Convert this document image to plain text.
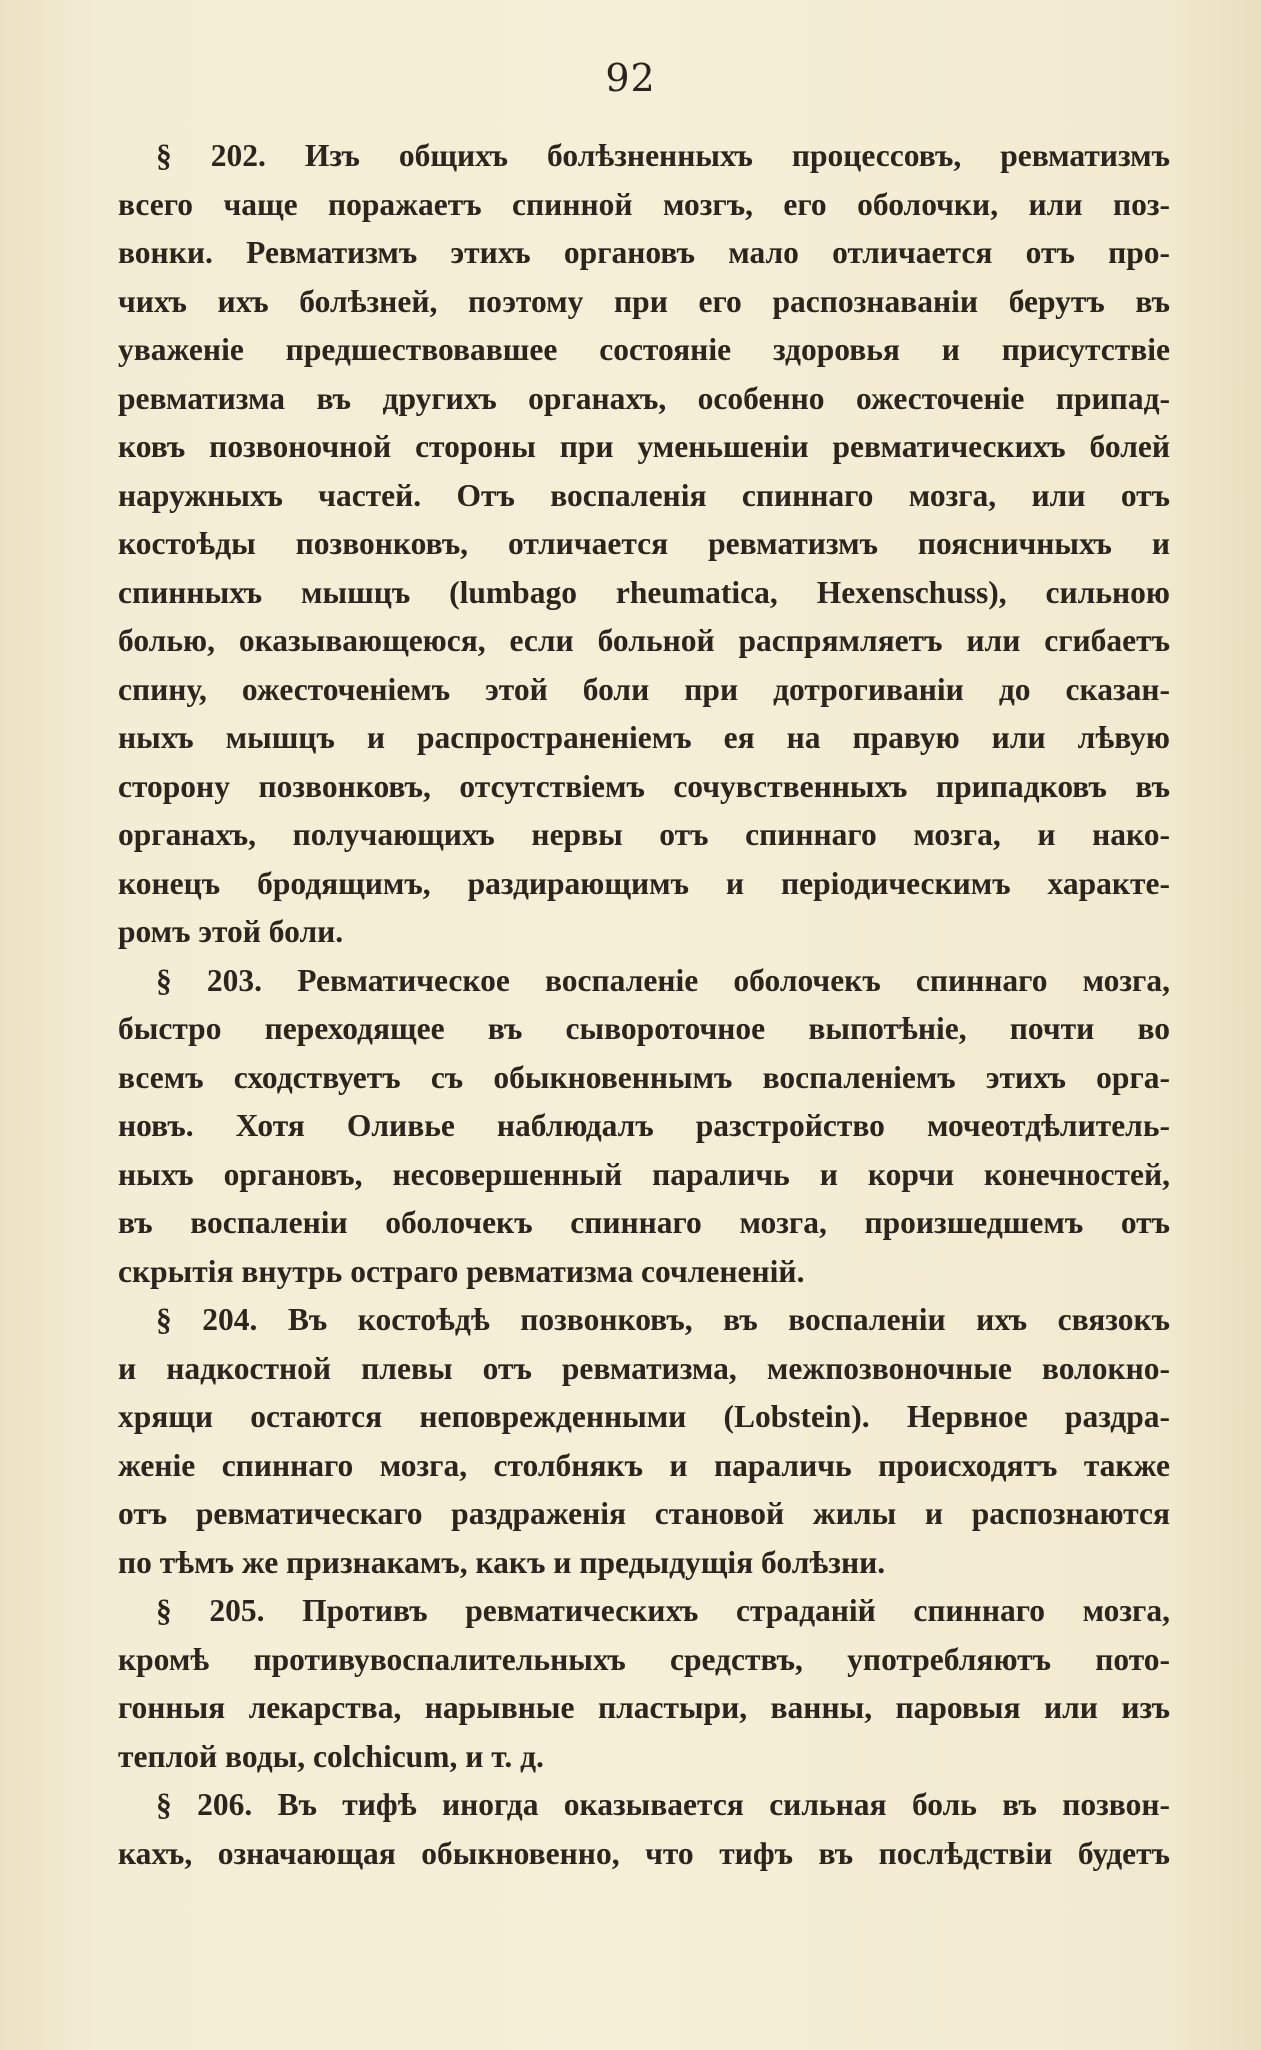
92
§ 202. Изъ общихъ болѣзненныхъ процессовъ, ревматизмъ
всего чаще поражаетъ спинной мозгъ, его оболочки, или поз-
вонки. Ревматизмъ этихъ органовъ мало отличается отъ про-
чихъ ихъ болѣзней, поэтому при его распознаваніи берутъ въ
уваженіе предшествовавшее состояніе здоровья и присутствіе
ревматизма въ другихъ органахъ, особенно ожесточеніе припад-
ковъ позвоночной стороны при уменьшеніи ревматическихъ болей
наружныхъ частей. Отъ воспаленія спиннаго мозга, или отъ
костоѣды позвонковъ, отличается ревматизмъ поясничныхъ и
спинныхъ мышцъ (lumbago rheumatica, Hexenschuss), сильною
болью, оказывающеюся, если больной распрямляетъ или сгибаетъ
спину, ожесточеніемъ этой боли при дотрогиваніи до сказан-
ныхъ мышцъ и распространеніемъ ея на правую или лѣвую
сторону позвонковъ, отсутствіемъ сочувственныхъ припадковъ въ
органахъ, получающихъ нервы отъ спиннаго мозга, и нако-
конецъ бродящимъ, раздирающимъ и періодическимъ характе-
ромъ этой боли.
§ 203. Ревматическое воспаленіе оболочекъ спиннаго мозга,
быстро переходящее въ сывороточное выпотѣніе, почти во
всемъ сходствуетъ съ обыкновеннымъ воспаленіемъ этихъ орга-
новъ. Хотя Оливье наблюдалъ разстройство мочеотдѣлитель-
ныхъ органовъ, несовершенный параличь и корчи конечностей,
въ воспаленіи оболочекъ спиннаго мозга, произшедшемъ отъ
скрытія внутрь остраго ревматизма сочлененій.
§ 204. Въ костоѣдѣ позвонковъ, въ воспаленіи ихъ связокъ
и надкостной плевы отъ ревматизма, межпозвоночные волокно-
хрящи остаются неповрежденными (Lobstein). Нервное раздра-
женіе спиннаго мозга, столбнякъ и параличь происходятъ также
отъ ревматическаго раздраженія становой жилы и распознаются
по тѣмъ же признакамъ, какъ и предыдущія болѣзни.
§ 205. Противъ ревматическихъ страданій спиннаго мозга,
кромѣ противувоспалительныхъ средствъ, употребляютъ пото-
гонныя лекарства, нарывные пластыри, ванны, паровыя или изъ
теплой воды, colchicum, и т. д.
§ 206. Въ тифѣ иногда оказывается сильная боль въ позвон-
кахъ, означающая обыкновенно, что тифъ въ послѣдствіи будетъ
